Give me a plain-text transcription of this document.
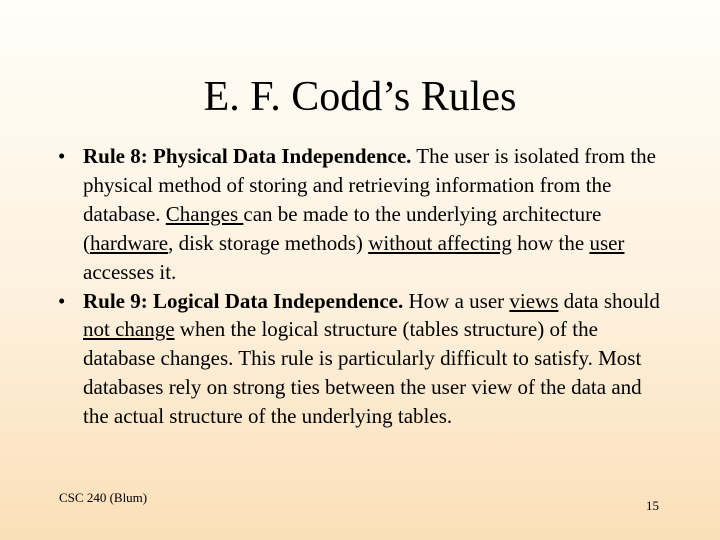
E. F. Codd’s Rules
• Rule 8: Physical Data Independence. The user is isolated from the physical method of storing and retrieving information from the database. Changes can be made to the underlying architecture (hardware, disk storage methods) without affecting how the user accesses it.
• Rule 9: Logical Data Independence. How a user views data should not change when the logical structure (tables structure) of the database changes. This rule is particularly difficult to satisfy. Most databases rely on strong ties between the user view of the data and the actual structure of the underlying tables.
CSC 240 (Blum)
15
